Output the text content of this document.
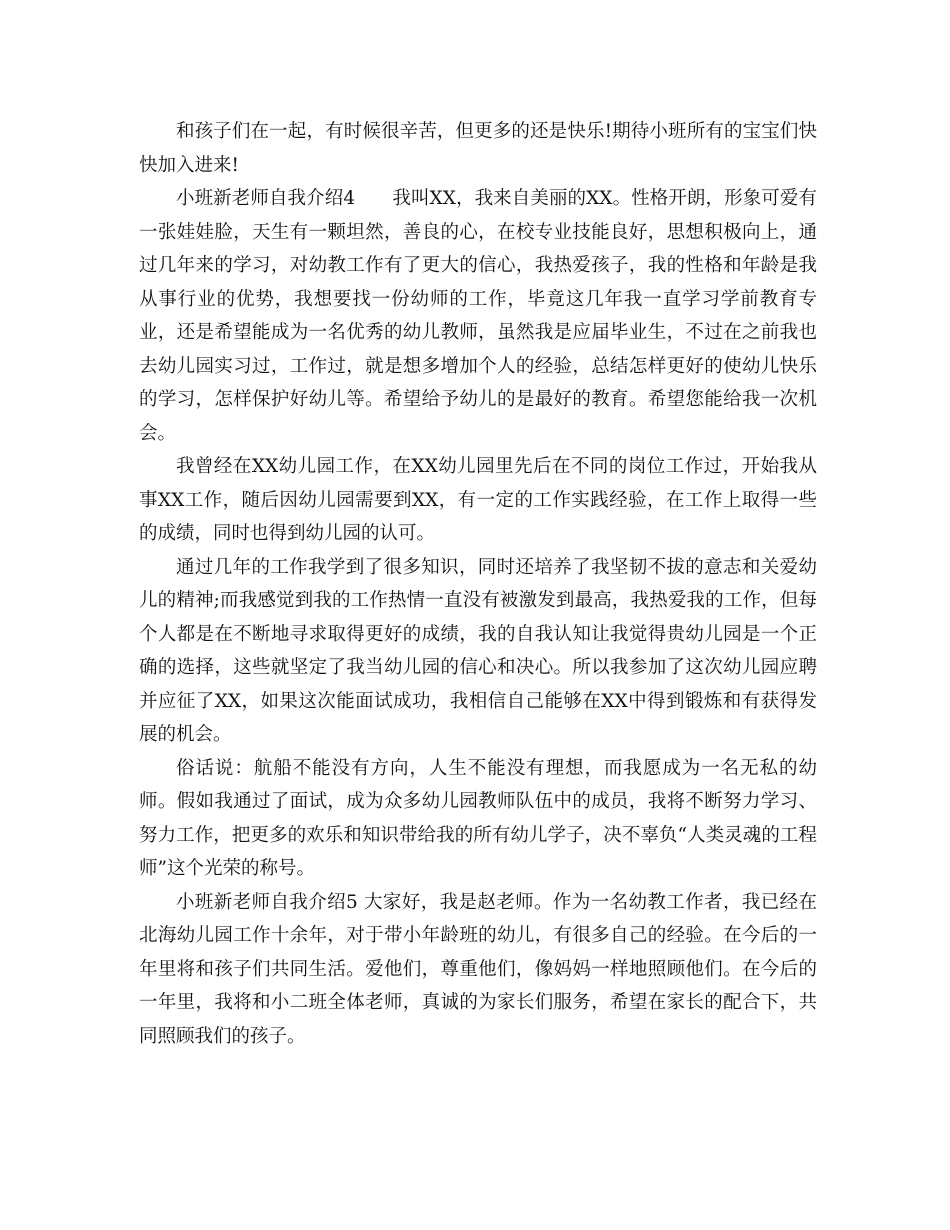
和孩子们在一起，有时候很辛苦，但更多的还是快乐!期待小班所有的宝宝们快快加入进来!

小班新老师自我介绍4　　我叫XX，我来自美丽的XX。性格开朗，形象可爱有一张娃娃脸，天生有一颗坦然，善良的心，在校专业技能良好，思想积极向上，通过几年来的学习，对幼教工作有了更大的信心，我热爱孩子，我的性格和年龄是我从事行业的优势，我想要找一份幼师的工作，毕竟这几年我一直学习学前教育专业，还是希望能成为一名优秀的幼儿教师，虽然我是应届毕业生，不过在之前我也去幼儿园实习过，工作过，就是想多增加个人的经验，总结怎样更好的使幼儿快乐的学习，怎样保护好幼儿等。希望给予幼儿的是最好的教育。希望您能给我一次机会。

我曾经在XX幼儿园工作，在XX幼儿园里先后在不同的岗位工作过，开始我从事XX工作，随后因幼儿园需要到XX，有一定的工作实践经验，在工作上取得一些的成绩，同时也得到幼儿园的认可。

通过几年的工作我学到了很多知识，同时还培养了我坚韧不拔的意志和关爱幼儿的精神;而我感觉到我的工作热情一直没有被激发到最高，我热爱我的工作，但每个人都是在不断地寻求取得更好的成绩，我的自我认知让我觉得贵幼儿园是一个正确的选择，这些就坚定了我当幼儿园的信心和决心。所以我参加了这次幼儿园应聘并应征了XX，如果这次能面试成功，我相信自己能够在XX中得到锻炼和有获得发展的机会。

俗话说：航船不能没有方向，人生不能没有理想，而我愿成为一名无私的幼师。假如我通过了面试，成为众多幼儿园教师队伍中的成员，我将不断努力学习、努力工作，把更多的欢乐和知识带给我的所有幼儿学子，决不辜负“人类灵魂的工程师”这个光荣的称号。

小班新老师自我介绍5 大家好，我是赵老师。作为一名幼教工作者，我已经在北海幼儿园工作十余年，对于带小年龄班的幼儿，有很多自己的经验。在今后的一年里将和孩子们共同生活。爱他们，尊重他们，像妈妈一样地照顾他们。在今后的一年里，我将和小二班全体老师，真诚的为家长们服务，希望在家长的配合下，共同照顾我们的孩子。
